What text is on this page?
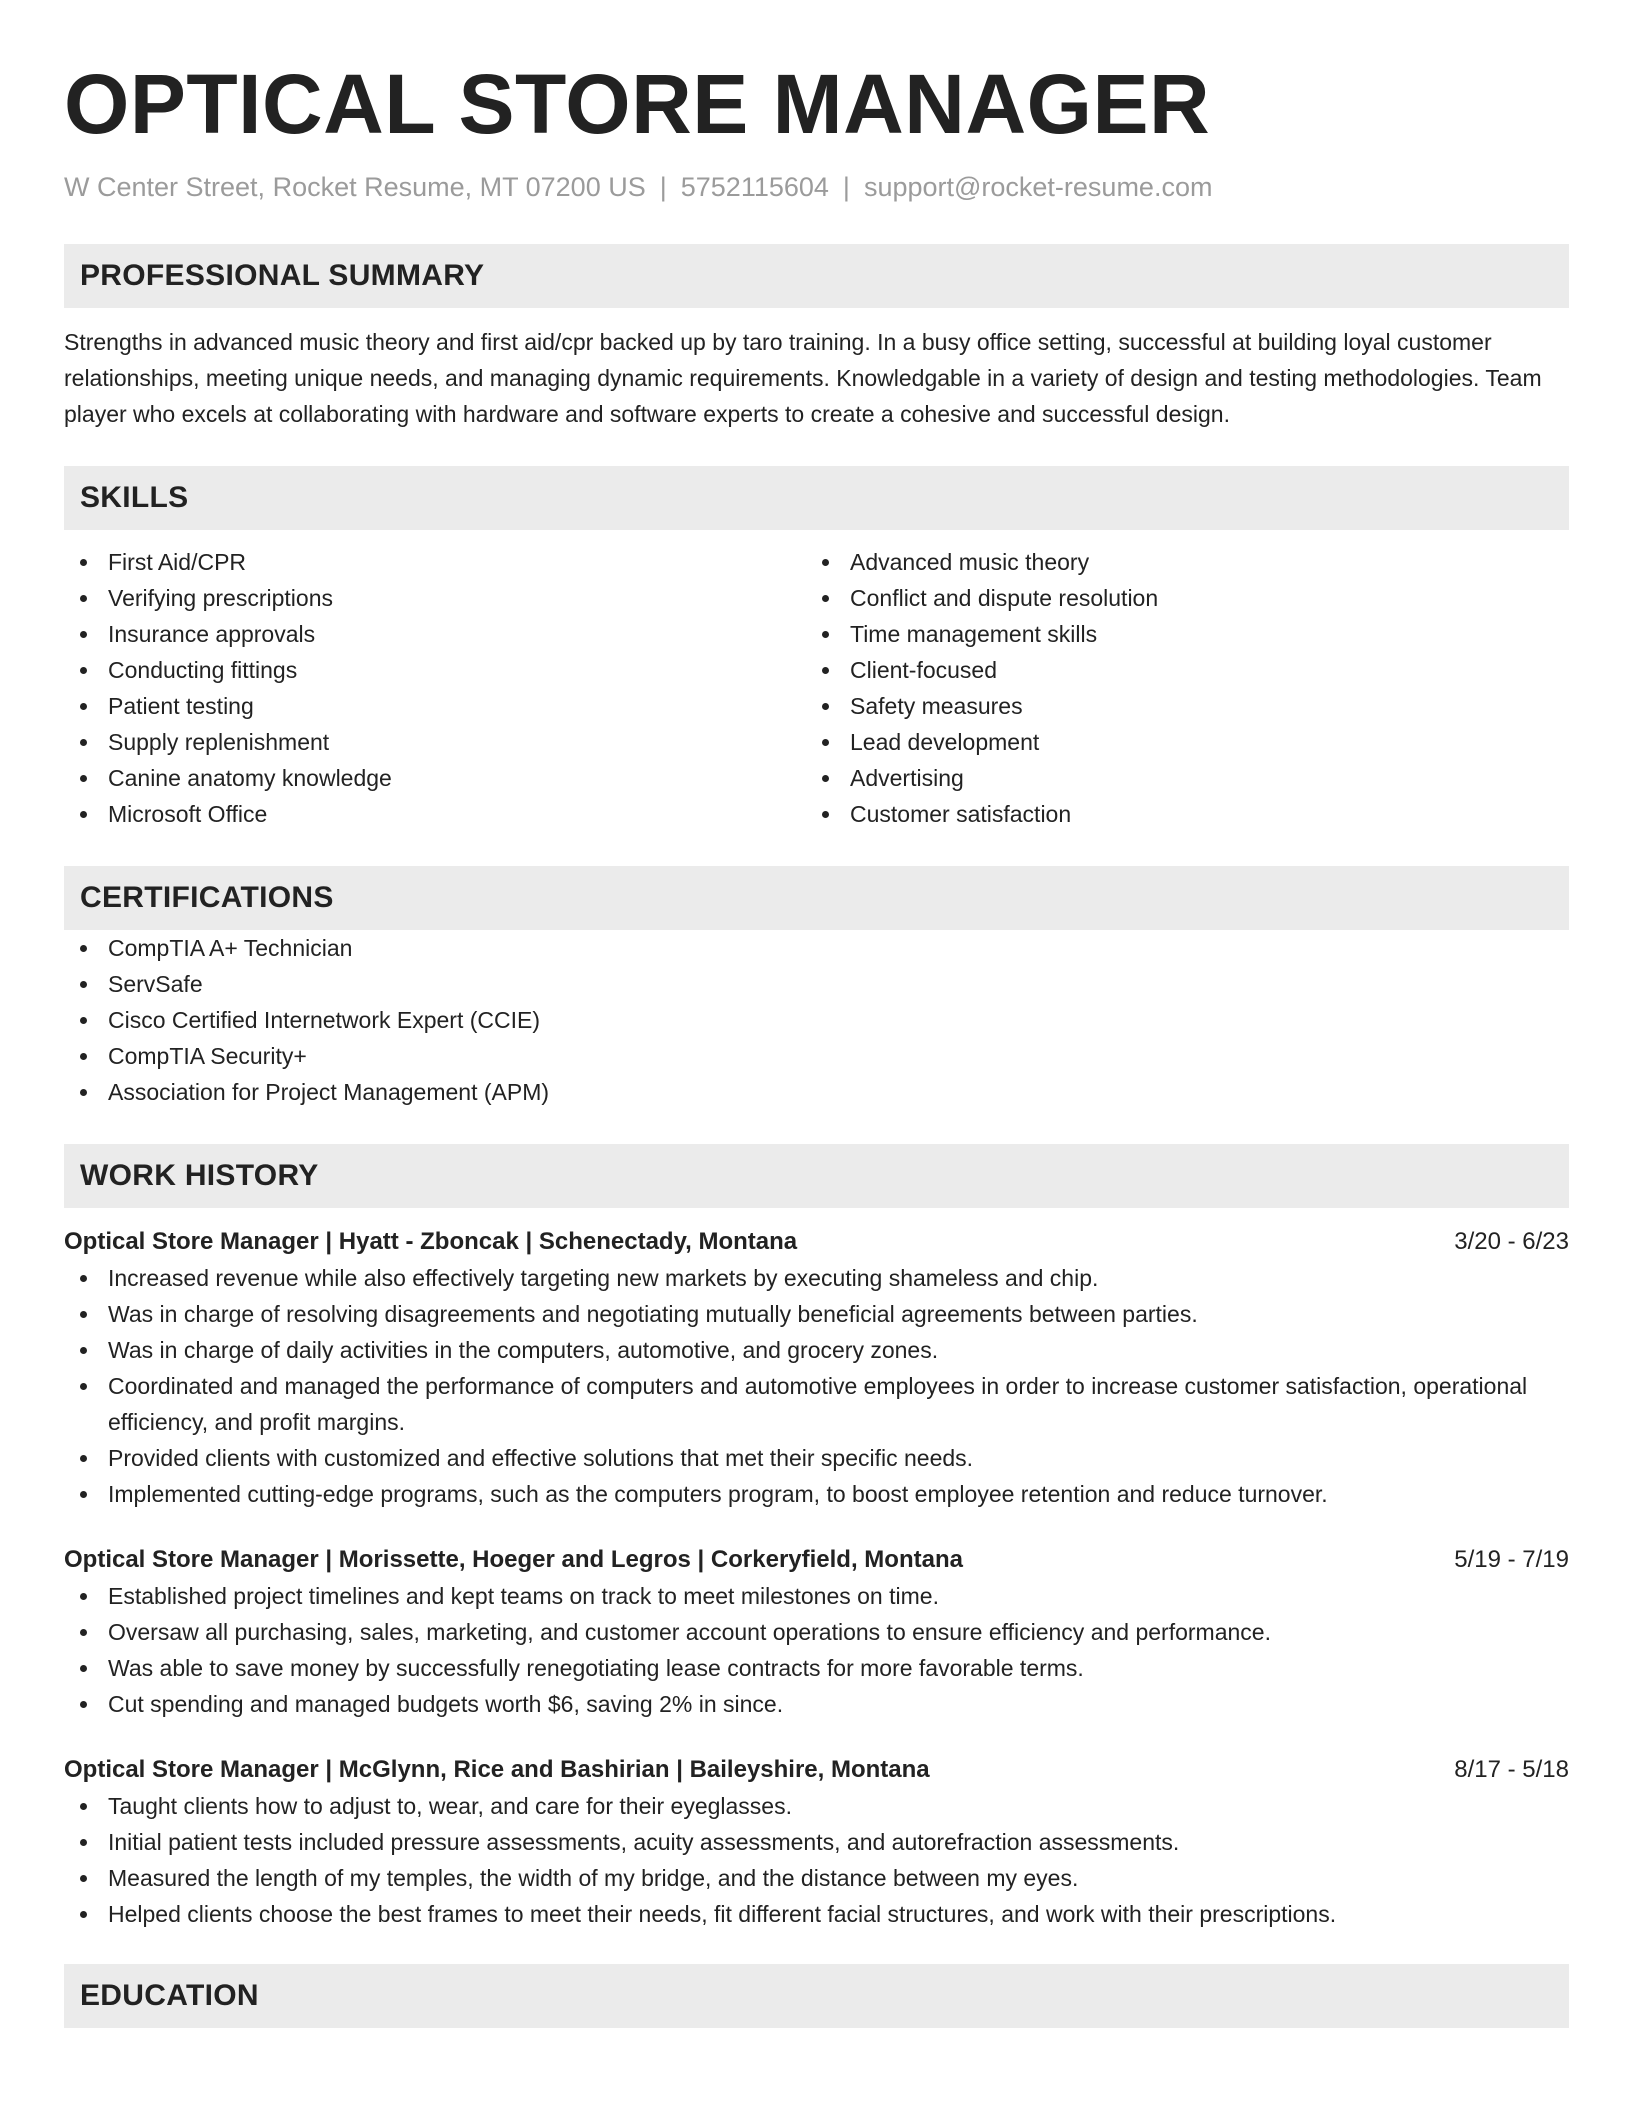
OPTICAL STORE MANAGER
W Center Street, Rocket Resume, MT 07200 US | 5752115604 | support@rocket-resume.com
PROFESSIONAL SUMMARY

Strengths in advanced music theory and first aid/cpr backed up by taro training. In a busy office setting, successful at building loyal customer relationships, meeting unique needs, and managing dynamic requirements. Knowledgable in a variety of design and testing methodologies. Team player who excels at collaborating with hardware and software experts to create a cohesive and successful design.

SKILLS
First Aid/CPR
Verifying prescriptions
Insurance approvals
Conducting fittings
Patient testing
Supply replenishment
Canine anatomy knowledge
Microsoft Office
Advanced music theory
Conflict and dispute resolution
Time management skills
Client-focused
Safety measures
Lead development
Advertising
Customer satisfaction
CERTIFICATIONS
CompTIA A+ Technician
ServSafe
Cisco Certified Internetwork Expert (CCIE)
CompTIA Security+
Association for Project Management (APM)
WORK HISTORY
Optical Store Manager | Hyatt - Zboncak | Schenectady, Montana	3/20 - 6/23
Increased revenue while also effectively targeting new markets by executing shameless and chip.
Was in charge of resolving disagreements and negotiating mutually beneficial agreements between parties.
Was in charge of daily activities in the computers, automotive, and grocery zones.
Coordinated and managed the performance of computers and automotive employees in order to increase customer satisfaction, operational efficiency, and profit margins.
Provided clients with customized and effective solutions that met their specific needs.
Implemented cutting-edge programs, such as the computers program, to boost employee retention and reduce turnover.
Optical Store Manager | Morissette, Hoeger and Legros | Corkeryfield, Montana	5/19 - 7/19
Established project timelines and kept teams on track to meet milestones on time.
Oversaw all purchasing, sales, marketing, and customer account operations to ensure efficiency and performance.
Was able to save money by successfully renegotiating lease contracts for more favorable terms.
Cut spending and managed budgets worth $6, saving 2% in since.
Optical Store Manager | McGlynn, Rice and Bashirian | Baileyshire, Montana	8/17 - 5/18
Taught clients how to adjust to, wear, and care for their eyeglasses.
Initial patient tests included pressure assessments, acuity assessments, and autorefraction assessments.
Measured the length of my temples, the width of my bridge, and the distance between my eyes.
Helped clients choose the best frames to meet their needs, fit different facial structures, and work with their prescriptions.
EDUCATION
